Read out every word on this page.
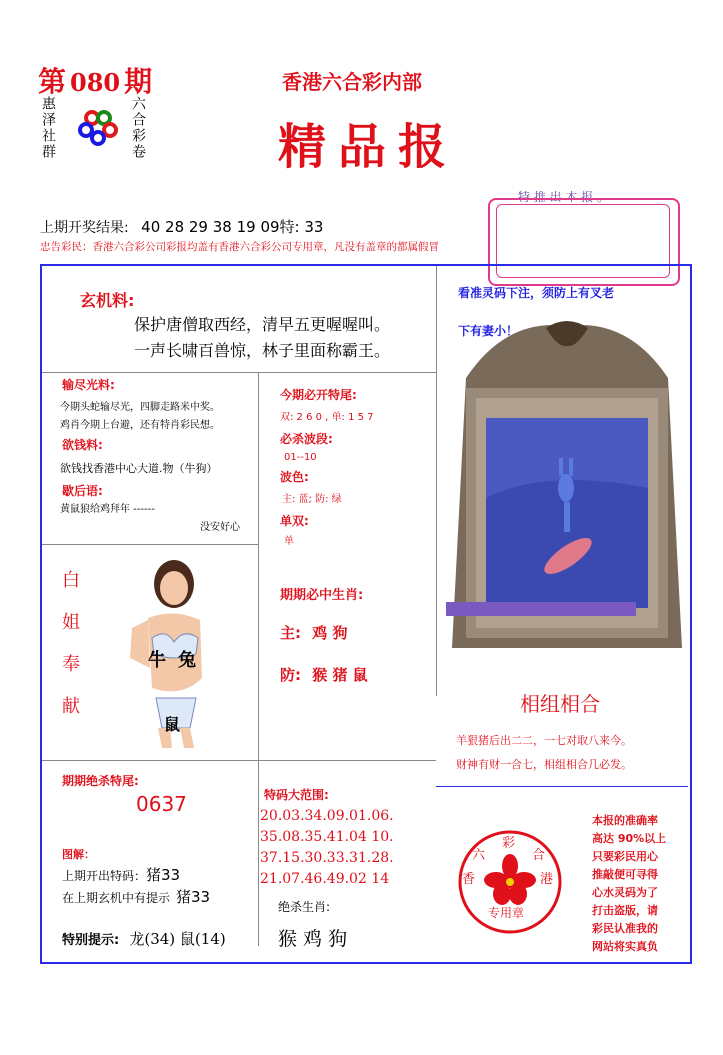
第 080 期
惠泽社群	六合彩卷
香港六合彩内部
精品报
特 推 出 本 报 。
上期开奖结果: 40 28 29 38 19 09特: 33
忠告彩民：香港六合彩公司彩报均盖有香港六合彩公司专用章，凡没有盖章的都属假冒
玄机料:
保护唐僧取西经，清早五更喔喔叫。
一声长啸百兽惊，林子里面称霸王。
输尽光料:
今期头蛇输尽光，四脚走路米中奖。
鸡肖今期上台避，还有特肖彩民想。
欲钱料:
欲钱找香港中心大道.物（牛狗）
歇后语:
黄鼠狼给鸡拜年 ------
没安好心
今期必开特尾:
双: 2 6 0 , 单: 1 5 7
必杀波段:
01--10
波色:
主: 蓝; 防: 绿
单双:
单
期期必中生肖:
主: 鸡 狗
防: 猴 猪 鼠
白
姐
奉
献
牛 兔
鼠
期期绝杀特尾:
0637
图解：
上期开出特码：猪33
在上期玄机中有提示 猪33
特别提示: 龙(34) 鼠(14)
特码大范围:
20.03.34.09.01.06.
35.08.35.41.04 10.
37.15.30.33.31.28.
21.07.46.49.02 14
绝杀生肖:
猴 鸡 狗
看准灵码下注，须防上有叉老
下有妻小！
相组相合
羊狠猪后出二二，一七对取八来今。
财神有财一合七，相组相合几必发。
彩
六	合
香	港
专用章
本报的准确率
高达 90%以上
只要彩民用心
推敲便可寻得
心水灵码为了
打击盗版，请
彩民认准我的
网站将实真负
